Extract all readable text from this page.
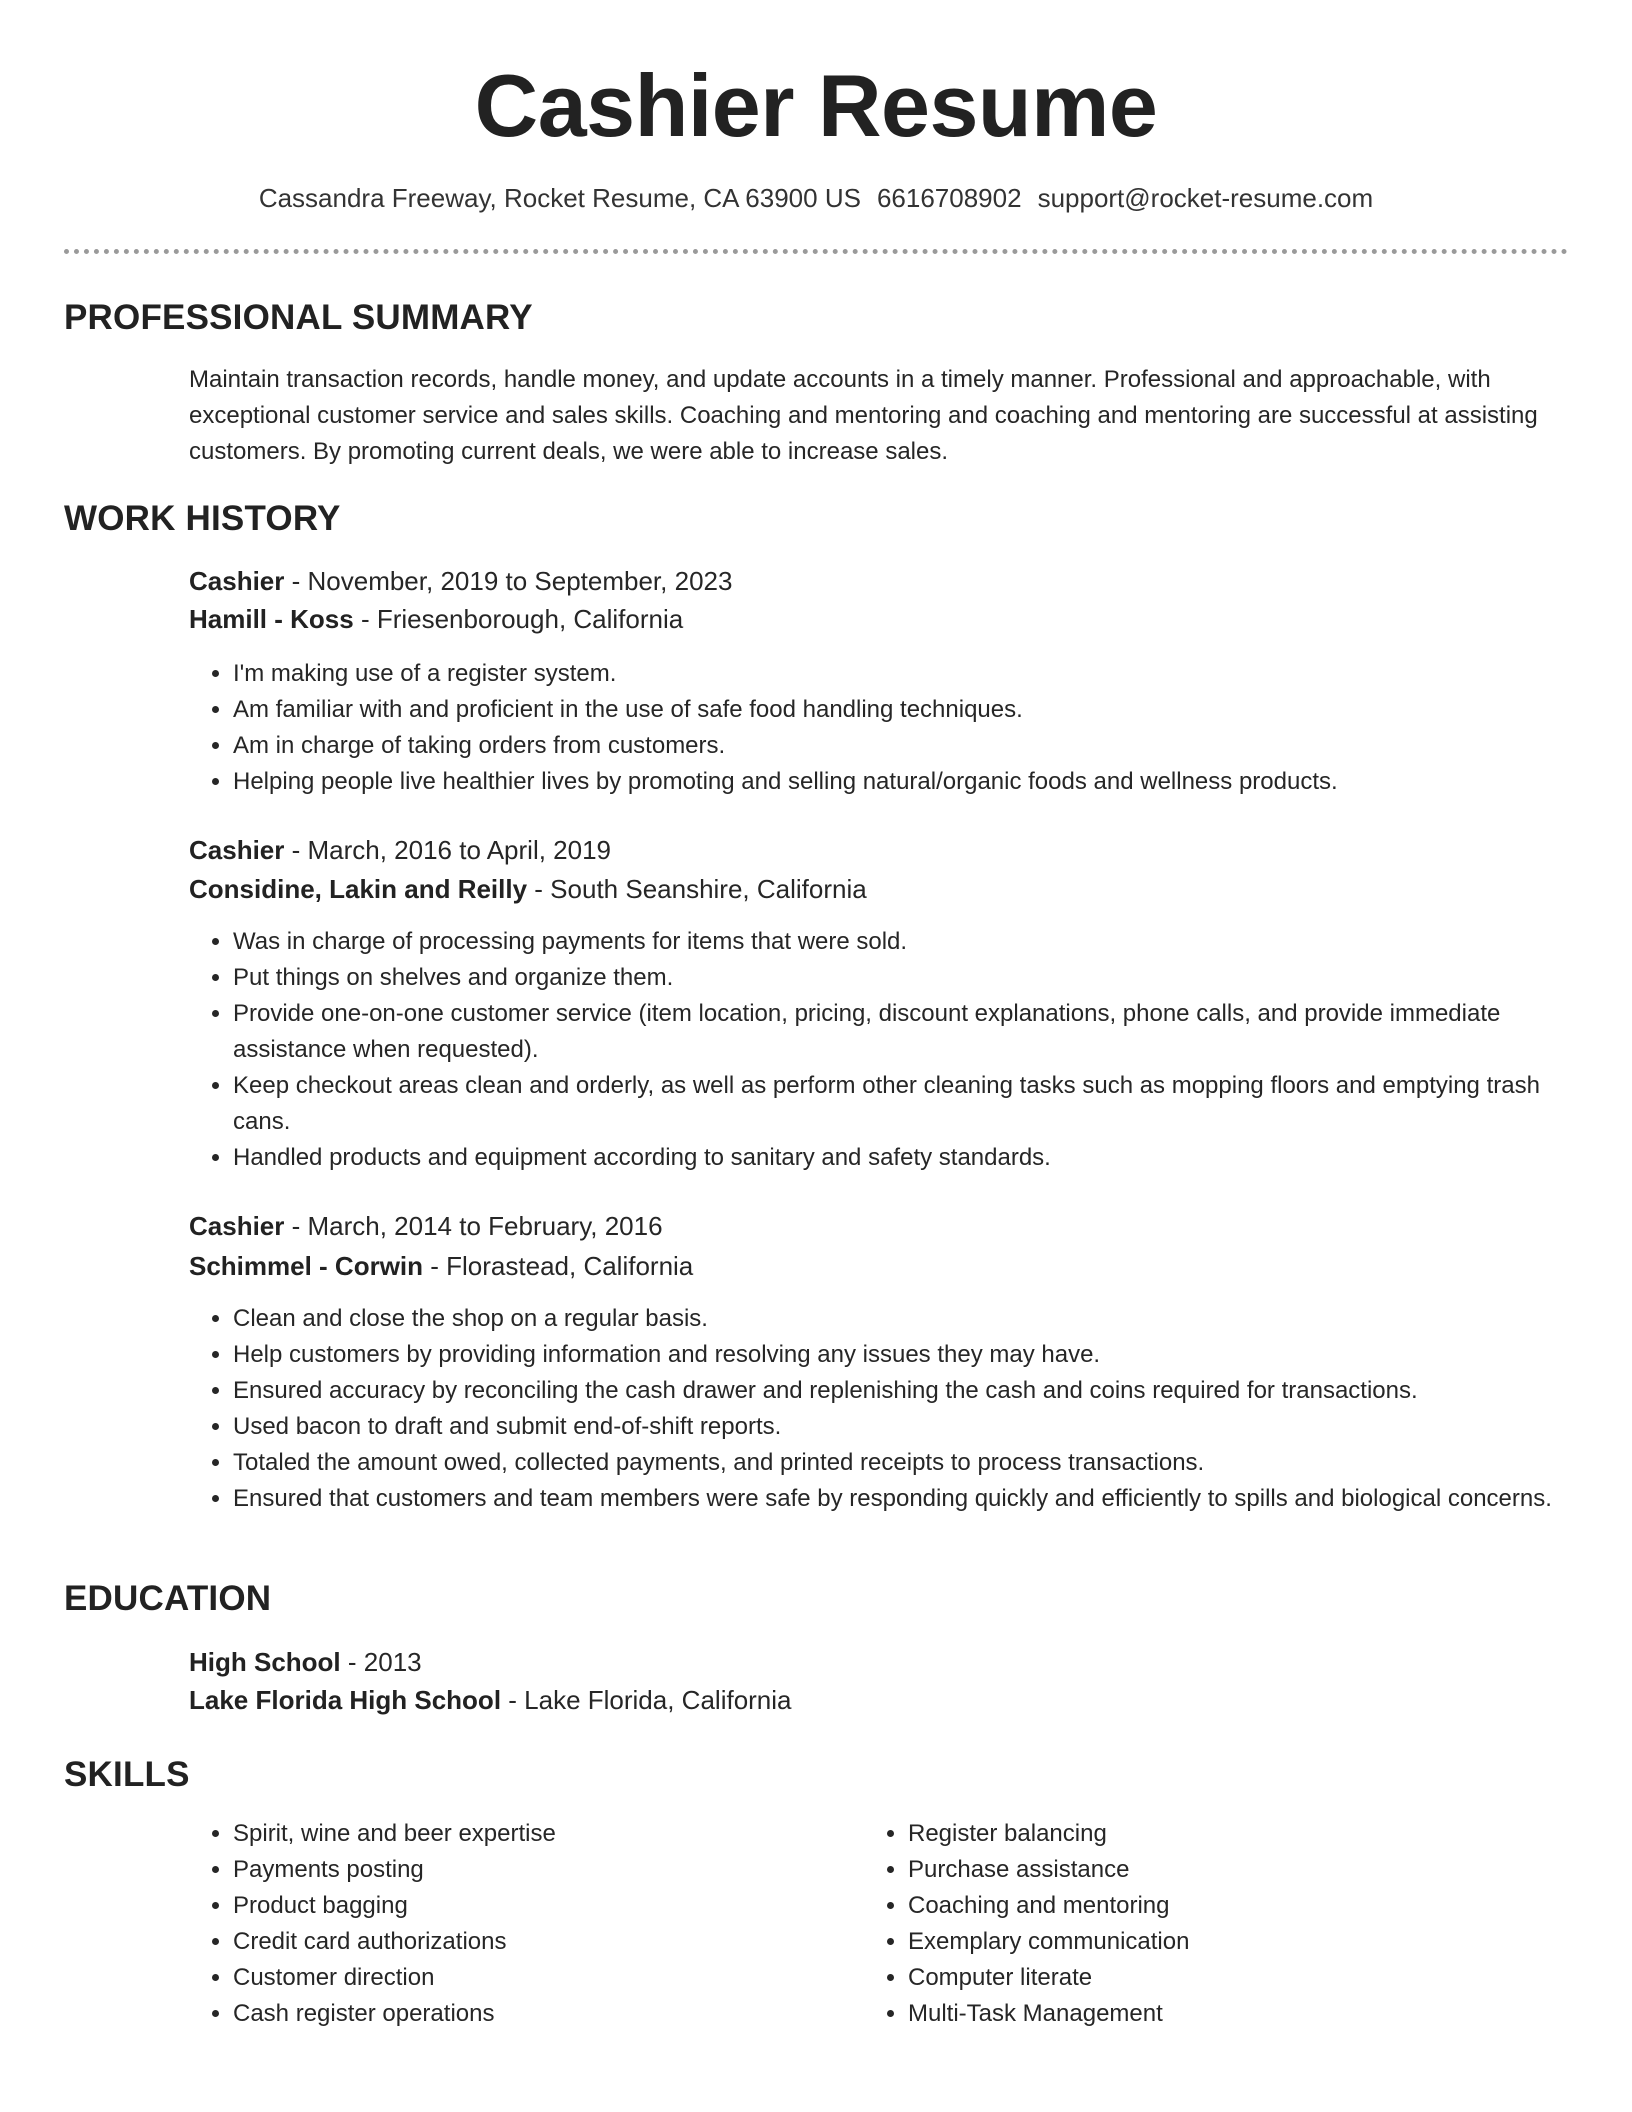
Cashier Resume
Cassandra Freeway, Rocket Resume, CA 63900 US 6616708902 support@rocket-resume.com
PROFESSIONAL SUMMARY

Maintain transaction records, handle money, and update accounts in a timely manner. Professional and approachable, with exceptional customer service and sales skills. Coaching and mentoring and coaching and mentoring are successful at assisting customers. By promoting current deals, we were able to increase sales.

WORK HISTORY
Cashier - November, 2019 to September, 2023
Hamill - Koss - Friesenborough, California
• I'm making use of a register system.
• Am familiar with and proficient in the use of safe food handling techniques.
• Am in charge of taking orders from customers.
• Helping people live healthier lives by promoting and selling natural/organic foods and wellness products.
Cashier - March, 2016 to April, 2019
Considine, Lakin and Reilly - South Seanshire, California
• Was in charge of processing payments for items that were sold.
• Put things on shelves and organize them.
• Provide one-on-one customer service (item location, pricing, discount explanations, phone calls, and provide immediate assistance when requested).
• Keep checkout areas clean and orderly, as well as perform other cleaning tasks such as mopping floors and emptying trash cans.
• Handled products and equipment according to sanitary and safety standards.
Cashier - March, 2014 to February, 2016
Schimmel - Corwin - Florastead, California
• Clean and close the shop on a regular basis.
• Help customers by providing information and resolving any issues they may have.
• Ensured accuracy by reconciling the cash drawer and replenishing the cash and coins required for transactions.
• Used bacon to draft and submit end-of-shift reports.
• Totaled the amount owed, collected payments, and printed receipts to process transactions.
• Ensured that customers and team members were safe by responding quickly and efficiently to spills and biological concerns.
EDUCATION
High School - 2013
Lake Florida High School - Lake Florida, California
SKILLS
• Spirit, wine and beer expertise
• Payments posting
• Product bagging
• Credit card authorizations
• Customer direction
• Cash register operations
• Register balancing
• Purchase assistance
• Coaching and mentoring
• Exemplary communication
• Computer literate
• Multi-Task Management
